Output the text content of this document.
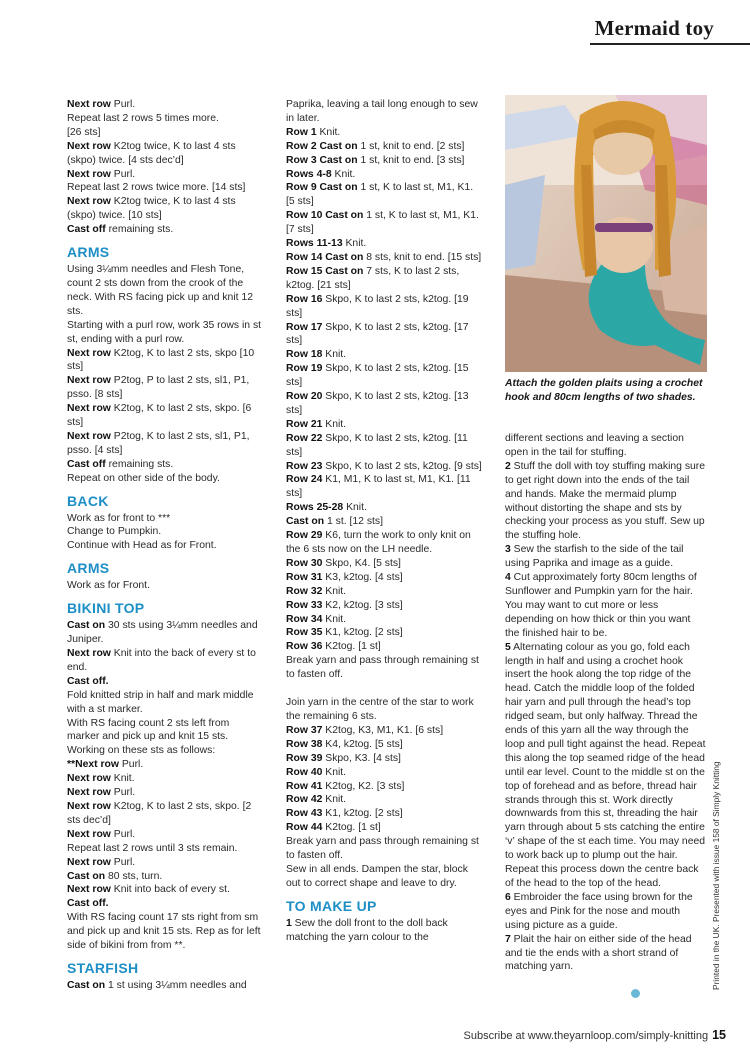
Mermaid toy

Next row Purl.

Repeat last 2 rows 5 times more.

[26 sts]

Next row K2tog twice, K to last 4 sts (skpo) twice. [4 sts dec’d]

Next row Purl.

Repeat last 2 rows twice more. [14 sts]

Next row K2tog twice, K to last 4 sts (skpo) twice. [10 sts]

Cast off remaining sts.

ARMS

Using 3¼mm needles and Flesh Tone, count 2 sts down from the crook of the neck. With RS facing pick up and knit 12 sts.

Starting with a purl row, work 35 rows in st st, ending with a purl row.

Next row K2tog, K to last 2 sts, skpo [10 sts]

Next row P2tog, P to last 2 sts, sl1, P1, psso. [8 sts]

Next row K2tog, K to last 2 sts, skpo. [6 sts]

Next row P2tog, K to last 2 sts, sl1, P1, psso. [4 sts]

Cast off remaining sts.

Repeat on other side of the body.

BACK

Work as for front to ***

Change to Pumpkin.

Continue with Head as for Front.

ARMS

Work as for Front.

BIKINI TOP

Cast on 30 sts using 3¼mm needles and Juniper.

Next row Knit into the back of every st to end.

Cast off.

Fold knitted strip in half and mark middle with a st marker.

With RS facing count 2 sts left from marker and pick up and knit 15 sts.

Working on these sts as follows:

**Next row Purl.

Next row Knit.

Next row Purl.

Next row K2tog, K to last 2 sts, skpo. [2 sts dec’d]

Next row Purl.

Repeat last 2 rows until 3 sts remain.

Next row Purl.

Cast on 80 sts, turn.

Next row Knit into back of every st.

Cast off.

With RS facing count 17 sts right from sm and pick up and knit 15 sts. Rep as for left side of bikini from from **.

STARFISH

Cast on 1 st using 3¼mm needles and

Paprika, leaving a tail long enough to sew in later.

Row 1 Knit.

Row 2 Cast on 1 st, knit to end. [2 sts]

Row 3 Cast on 1 st, knit to end. [3 sts]

Rows 4-8 Knit.

Row 9 Cast on 1 st, K to last st, M1, K1. [5 sts]

Row 10 Cast on 1 st, K to last st, M1, K1. [7 sts]

Rows 11-13 Knit.

Row 14 Cast on 8 sts, knit to end. [15 sts]

Row 15 Cast on 7 sts, K to last 2 sts, k2tog. [21 sts]

Row 16 Skpo, K to last 2 sts, k2tog. [19 sts]

Row 17 Skpo, K to last 2 sts, k2tog. [17 sts]

Row 18 Knit.

Row 19 Skpo, K to last 2 sts, k2tog. [15 sts]

Row 20 Skpo, K to last 2 sts, k2tog. [13 sts]

Row 21 Knit.

Row 22 Skpo, K to last 2 sts, k2tog. [11 sts]

Row 23 Skpo, K to last 2 sts, k2tog. [9 sts]

Row 24 K1, M1, K to last st, M1, K1. [11 sts]

Rows 25-28 Knit.

Cast on 1 st. [12 sts]

Row 29 K6, turn the work to only knit on the 6 sts now on the LH needle.

Row 30 Skpo, K4. [5 sts]

Row 31 K3, k2tog. [4 sts]

Row 32 Knit.

Row 33 K2, k2tog. [3 sts]

Row 34 Knit.

Row 35 K1, k2tog. [2 sts]

Row 36 K2tog. [1 st]

Break yarn and pass through remaining st to fasten off.

Join yarn in the centre of the star to work the remaining 6 sts.

Row 37 K2tog, K3, M1, K1. [6 sts]

Row 38 K4, k2tog. [5 sts]

Row 39 Skpo, K3. [4 sts]

Row 40 Knit.

Row 41 K2tog, K2. [3 sts]

Row 42 Knit.

Row 43 K1, k2tog. [2 sts]

Row 44 K2tog. [1 st]

Break yarn and pass through remaining st to fasten off.

Sew in all ends. Dampen the star, block out to correct shape and leave to dry.

TO MAKE UP

1 Sew the doll front to the doll back matching the yarn colour to the

Attach the golden plaits using a crochet hook and 80cm lengths of two shades.

different sections and leaving a section open in the tail for stuffing.

2 Stuff the doll with toy stuffing making sure to get right down into the ends of the tail and hands. Make the mermaid plump without distorting the shape and sts by checking your process as you stuff. Sew up the stuffing hole.

3 Sew the starfish to the side of the tail using Paprika and image as a guide.

4 Cut approximately forty 80cm lengths of Sunflower and Pumpkin yarn for the hair. You may want to cut more or less depending on how thick or thin you want the finished hair to be.

5 Alternating colour as you go, fold each length in half and using a crochet hook insert the hook along the top ridge of the head. Catch the middle loop of the folded hair yarn and pull through the head’s top ridged seam, but only halfway. Thread the ends of this yarn all the way through the loop and pull tight against the head. Repeat this along the top seamed ridge of the head until ear level. Count to the middle st on the top of forehead and as before, thread hair strands through this st. Work directly downwards from this st, threading the hair yarn through about 5 sts catching the entire ‘v’ shape of the st each time. You may need to work back up to plump out the hair. Repeat this process down the centre back of the head to the top of the head.

6 Embroider the face using brown for the eyes and Pink for the nose and mouth using picture as a guide.

7 Plait the hair on either side of the head and tie the ends with a short strand of matching yarn.	Printed in the UK. Presented with issue 158 of Simply Knitting
Subscribe at www.theyarnloop.com/simply-knitting 15
